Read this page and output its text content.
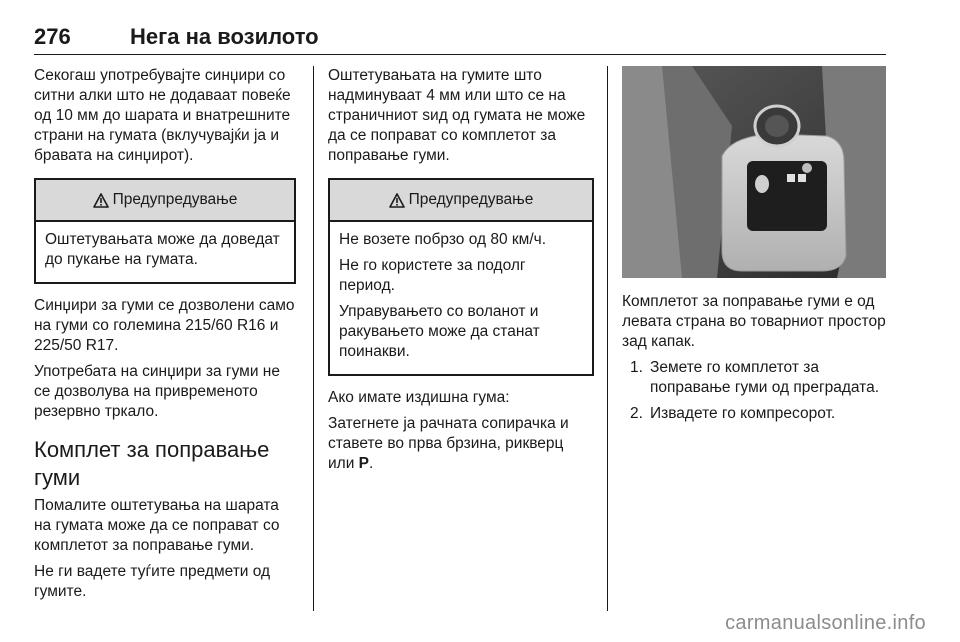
276	Нега на возилото

Секогаш употребувајте синџири со ситни алки што не додаваат повеќе од 10 мм до шарата и внатрешните страни на гумата (вклучувајќи ја и бравата на синџирот).

Предупредување

Оштетувањата може да доведат до пукање на гумата.

Синџири за гуми се дозволени само на гуми со големина 215/60 R16 и 225/50 R17.

Употребата на синџири за гуми не се дозволува на привременото резервно тркало.

Комплет за поправање гуми

Помалите оштетувања на шарата на гумата може да се поправат со комплетот за поправање гуми.

Не ги вадете туѓите предмети од гумите.

Оштетувањата на гумите што надминуваат 4 мм или што се на страничниот ѕид од гумата не може да се поправат со комплетот за поправање гуми.

Предупредување

Не возете побрзо од 80 км/ч.

Не го користете за подолг период.

Управувањето со воланот и ракувањето може да станат поинакви.

Ако имате издишна гума:

Затегнете ја рачната сопирачка и ставете во прва брзина, рикверц или P.

Комплетот за поправање гуми е од левата страна во товарниот простор зад капак.

1. Земете го комплетот за поправање гуми од преградата.
2. Извадете го компресорот.
carmanualsonline.info
